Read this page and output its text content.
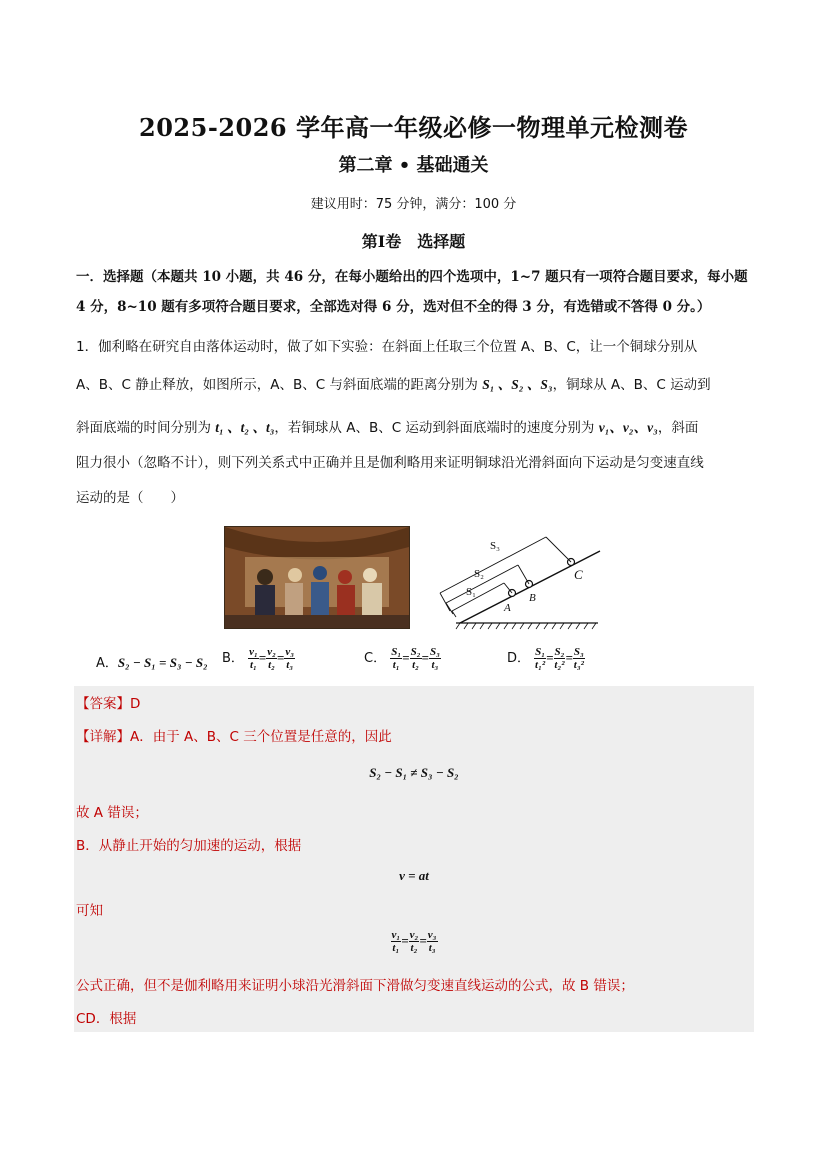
2025-2026 学年高一年级必修一物理单元检测卷
第二章 • 基础通关
建议用时：75 分钟，满分：100 分
第I卷　选择题
一．选择题（本题共 10 小题，共 46 分，在每小题给出的四个选项中，1~7 题只有一项符合题目要求，每小题 4 分，8~10 题有多项符合题目要求，全部选对得 6 分，选对但不全的得 3 分，有选错或不答得 0 分。）
1．伽利略在研究自由落体运动时，做了如下实验：在斜面上任取三个位置 A、B、C，让一个铜球分别从
A、B、C 静止释放，如图所示，A、B、C 与斜面底端的距离分别为 S₁ 、S₂ 、S₃，铜球从 A、B、C 运动到
斜面底端的时间分别为 t₁ 、t₂ 、t₃，若铜球从 A、B、C 运动到斜面底端时的速度分别为 v₁、v₂、v₃，斜面
阻力很小（忽略不计），则下列关系式中正确并且是伽利略用来证明铜球沿光滑斜面向下运动是匀变速直线
运动的是（　　）
S₃
S₂
S₁
A
B
C
A．S₂ − S₁ = S₃ − S₂ B． $\frac{\text{v₁}}{\text{t₁}} = \frac{\text{v₂}}{\text{t₂}} = \frac{\text{v₃}}{\text{t₃}}$	C． $\frac{\text{S₁}}{\text{t₁}} = \frac{\text{S₂}}{\text{t₂}} = \frac{\text{S₃}}{\text{t₃}}$	D． $\frac{\text{S₁}}{\text{t₁²}} = \frac{\text{S₂}}{\text{t₂²}} = \frac{\text{S₃}}{\text{t₃²}}$
【答案】D
【详解】A．由于 A、B、C 三个位置是任意的，因此
S₂ − S₁ ≠ S₃ − S₂
故 A 错误；
B．从静止开始的匀加速的运动，根据
v = at
可知
$\frac{\text{v₁}}{\text{t₁}} = \frac{\text{v₂}}{\text{t₂}} = \frac{\text{v₃}}{\text{t₃}}$
公式正确，但不是伽利略用来证明小球沿光滑斜面下滑做匀变速直线运动的公式，故 B 错误；
CD．根据
